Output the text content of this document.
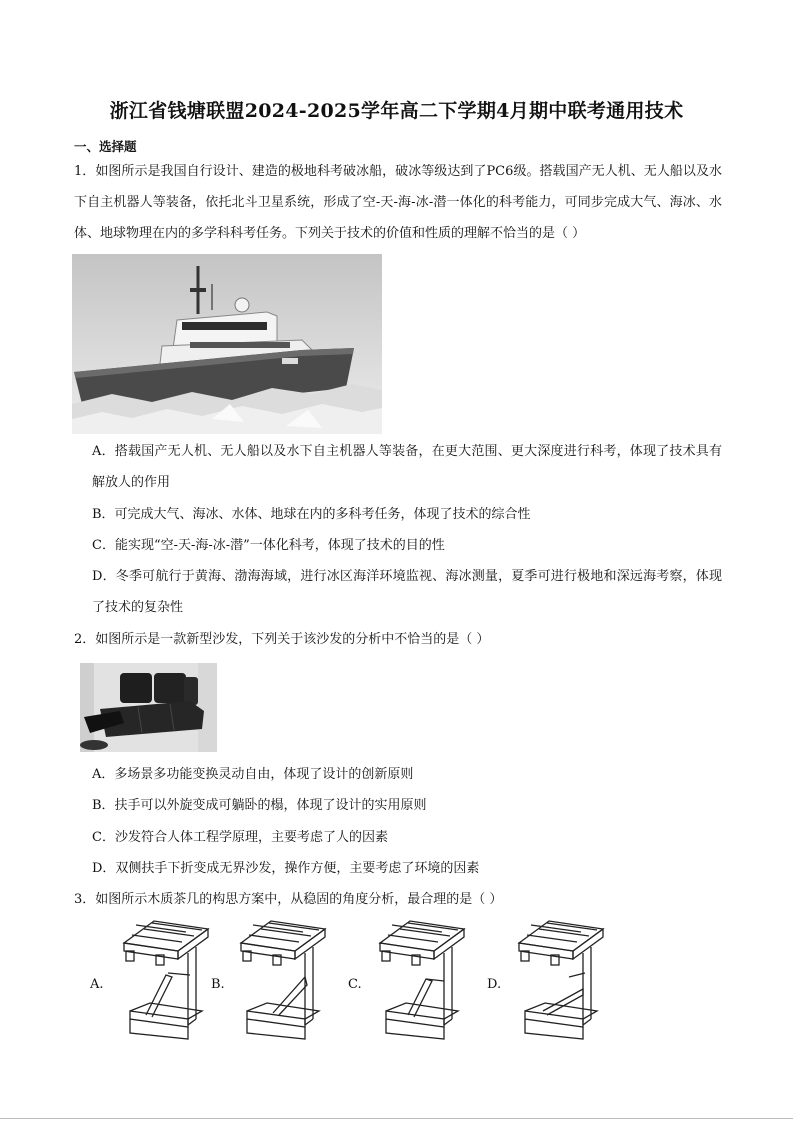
浙江省钱塘联盟2024-2025学年高二下学期4月期中联考通用技术
一、选择题
1．如图所示是我国自行设计、建造的极地科考破冰船，破冰等级达到了PC6级。搭载国产无人机、无人船以及水下自主机器人等装备，依托北斗卫星系统，形成了空-天-海-冰-潜一体化的科考能力，可同步完成大气、海冰、水体、地球物理在内的多学科科考任务。下列关于技术的价值和性质的理解不恰当的是（ ）
A．搭载国产无人机、无人船以及水下自主机器人等装备，在更大范围、更大深度进行科考，体现了技术具有解放人的作用
B．可完成大气、海冰、水体、地球在内的多科考任务，体现了技术的综合性
C．能实现“空-天-海-冰-潜”一体化科考，体现了技术的目的性
D．冬季可航行于黄海、渤海海域，进行冰区海洋环境监视、海冰测量，夏季可进行极地和深远海考察，体现了技术的复杂性
2．如图所示是一款新型沙发，下列关于该沙发的分析中不恰当的是（ ）
A．多场景多功能变换灵动自由，体现了设计的创新原则
B．扶手可以外旋变成可躺卧的榻，体现了设计的实用原则
C．沙发符合人体工程学原理，主要考虑了人的因素
D．双侧扶手下折变成无界沙发，操作方便，主要考虑了环境的因素
3．如图所示木质茶几的构思方案中，从稳固的角度分析，最合理的是（ ）
A.	B.	C.	D.
